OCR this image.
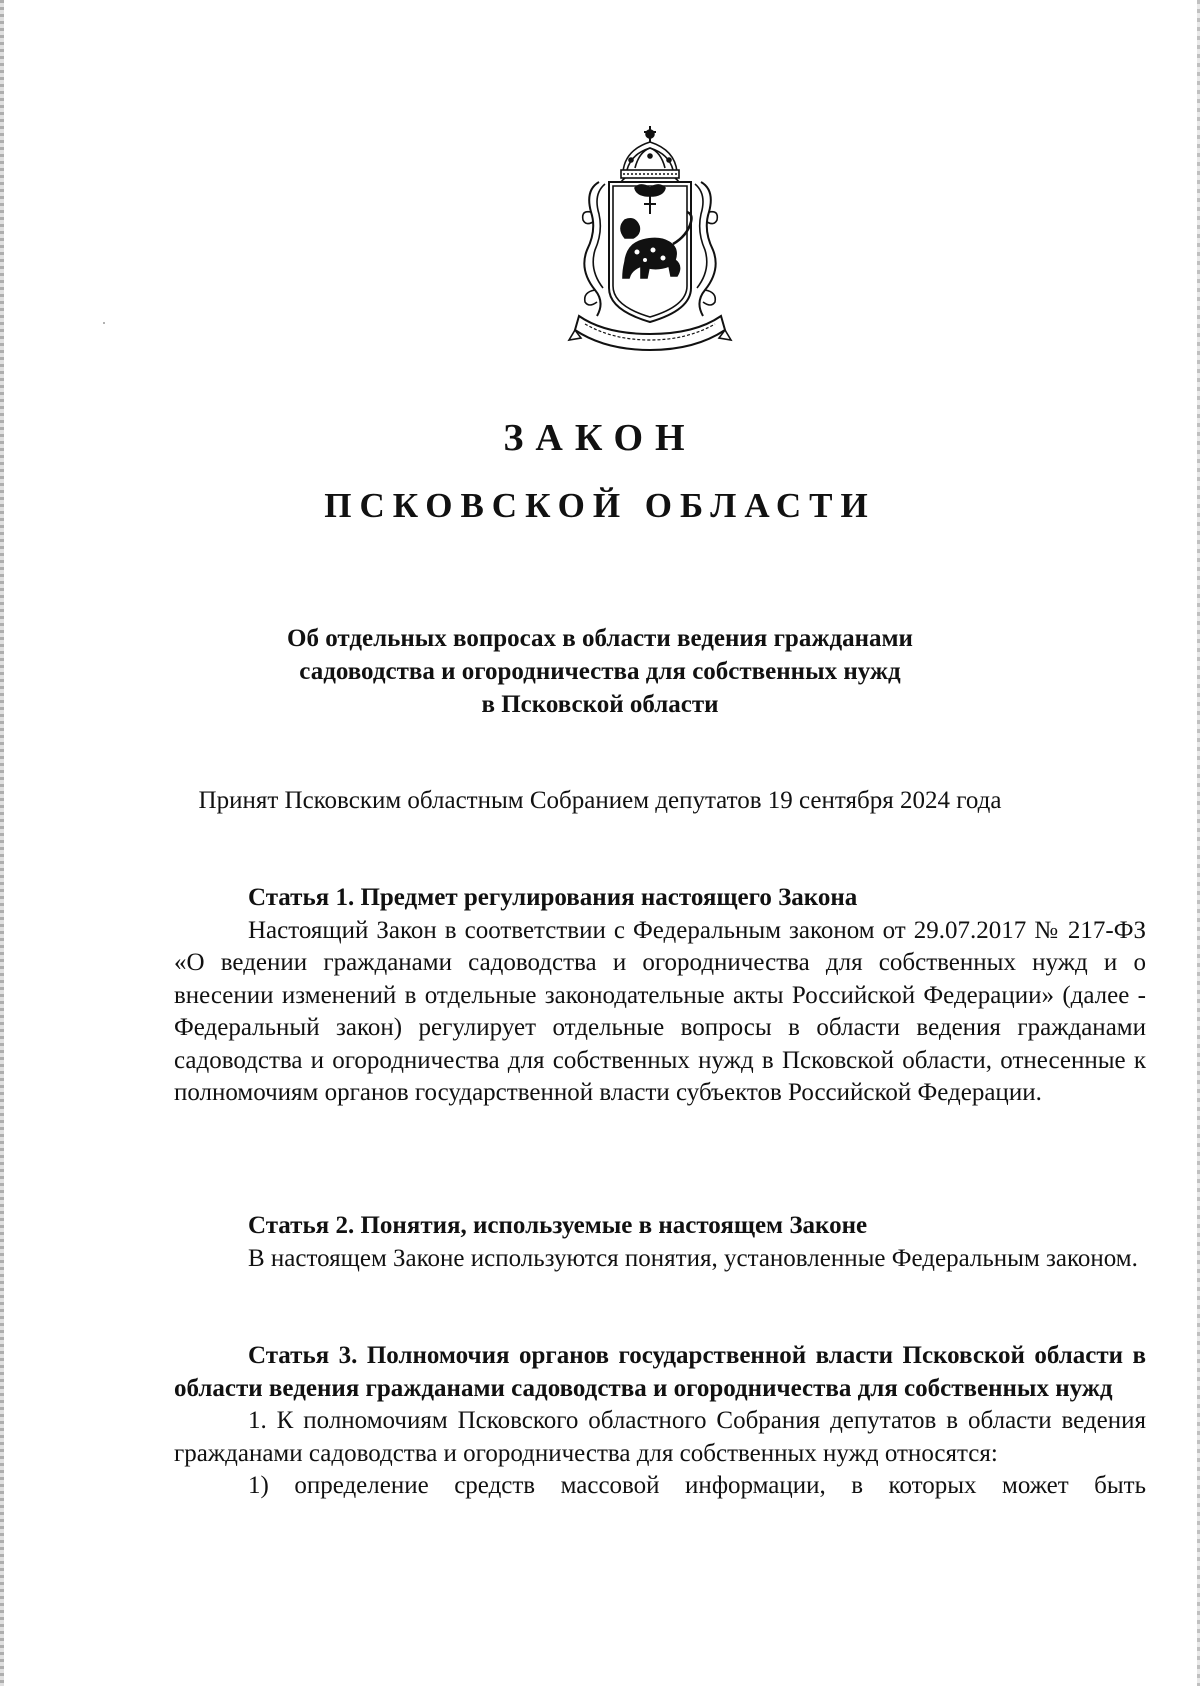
ЗАКОН
ПСКОВСКОЙ ОБЛАСТИ
Об отдельных вопросах в области ведения гражданами
садоводства и огородничества для собственных нужд
в Псковской области
Принят Псковским областным Собранием депутатов 19 сентября 2024 года

Статья 1. Предмет регулирования настоящего Закона

Настоящий Закон в соответствии с Федеральным законом от 29.07.2017 № 217-ФЗ «О ведении гражданами садоводства и огородничества для собственных нужд и о внесении изменений в отдельные законодательные акты Российской Федерации» (далее - Федеральный закон) регулирует отдельные вопросы в области ведения гражданами садоводства и огородничества для собственных нужд в Псковской области, отнесенные к полномочиям органов государственной власти субъектов Российской Федерации.

Статья 2. Понятия, используемые в настоящем Законе

В настоящем Законе используются понятия, установленные Федеральным законом.

Статья 3. Полномочия органов государственной власти Псковской области в области ведения гражданами садоводства и огородничества для собственных нужд

1. К полномочиям Псковского областного Собрания депутатов в области ведения гражданами садоводства и огородничества для собственных нужд относятся:

1) определение средств массовой информации, в которых может быть
